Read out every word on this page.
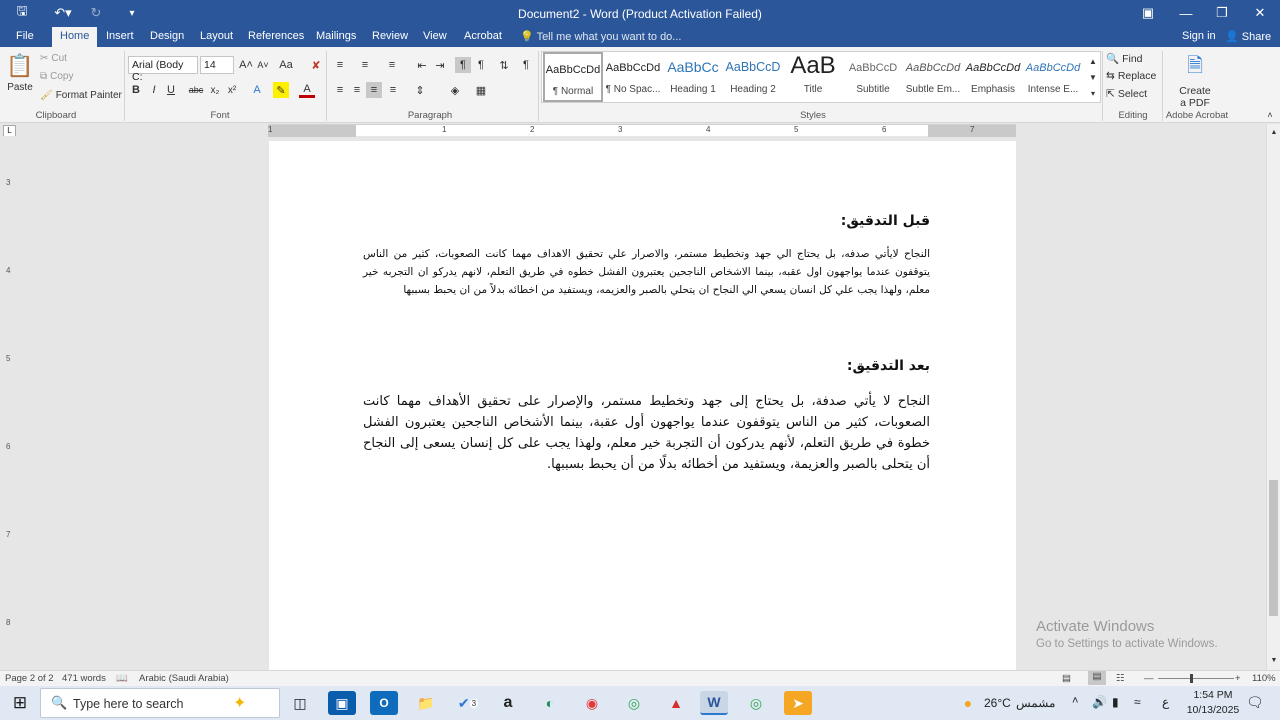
🖫	↶▾	↻	▾	Document2 - Word (Product Activation Failed)	▣ —	❐	✕
File	Home	Insert Design Layout References Mailings Review View Acrobat 💡 Tell me what you want to do...	Sign in 👤 Share
📋
Paste
✂ Cut
⧉ Copy
🖌 Format Painter
Clipboard
Arial (Body C:
14	A˄ A˅ Aa	✘
B	I	U	abc x₂ x²	A	✎	A
Font
≡	≡	≡	⇤ ⇥	¶	¶	⇅	¶
≡ ≡ ≡	≡	⇕	◈	▦
Paragraph
AaBbCcDd
¶ Normal
AaBbCcDd
¶ No Spac...
AaBbCc
Heading 1
AaBbCcD
Heading 2
AaB
Title
AaBbCcD
Subtitle
AaBbCcDd
Subtle Em...
AaBbCcDd
Emphasis
AaBbCcDd
Intense E...
▲
▼
▾
Styles
🔍 Find
⇆ Replace
⇱ Select
Editing
🗎
Create
a PDF
Adobe Acrobat	˄
L	1	1	2	3	4	5	6	7
3
4
5
6
7
8
قبل التدقيق:
النجاح لايأتي صدفه، بل يحتاج الي جهد وتخطيط مستمر، والاصرار علي تحقيق الاهداف مهما كانت الصعوبات، كثير من الناس يتوقفون عندما يواجهون اول عقبه، بينما الاشخاص الناجحين يعتبرون الفشل خطوه في طريق التعلم، لانهم يدركو ان التجربه خير معلم، ولهذا يجب علي كل انسان يسعي الي النجاح ان يتحلي بالصبر والعزيمه، ويستفيد من اخطائه بدلاً من ان يحبط بسببها
بعد التدقيق:
النجاح لا يأتي صدفة، بل يحتاج إلى جهد وتخطيط مستمر، والإصرار على تحقيق الأهداف مهما كانت الصعوبات، كثير من الناس يتوقفون عندما يواجهون أول عقبة، بينما الأشخاص الناجحين يعتبرون الفشل خطوة في طريق التعلم، لأنهم يدركون أن التجربة خير معلم، ولهذا يجب على كل إنسان يسعى إلى النجاح أن يتحلى بالصبر والعزيمة، ويستفيد من أخطائه بدلًا من أن يحبط بسببها.
▲
▼
Activate Windows
Go to Settings to activate Windows.
Page 2 of 2 471 words 📖 Arabic (Saudi Arabia)	▤	▤	☷ —	+ 110%
⊞	🔍 Type here to search	✦	◫	▣	O	📁	✔ 3	a	◐	◉	◎	▲	W	◎	➤	● 26°C مشمس ˄ 🔊 ▮ ≈ ع	1:54 PM
10/13/2025 🗨
